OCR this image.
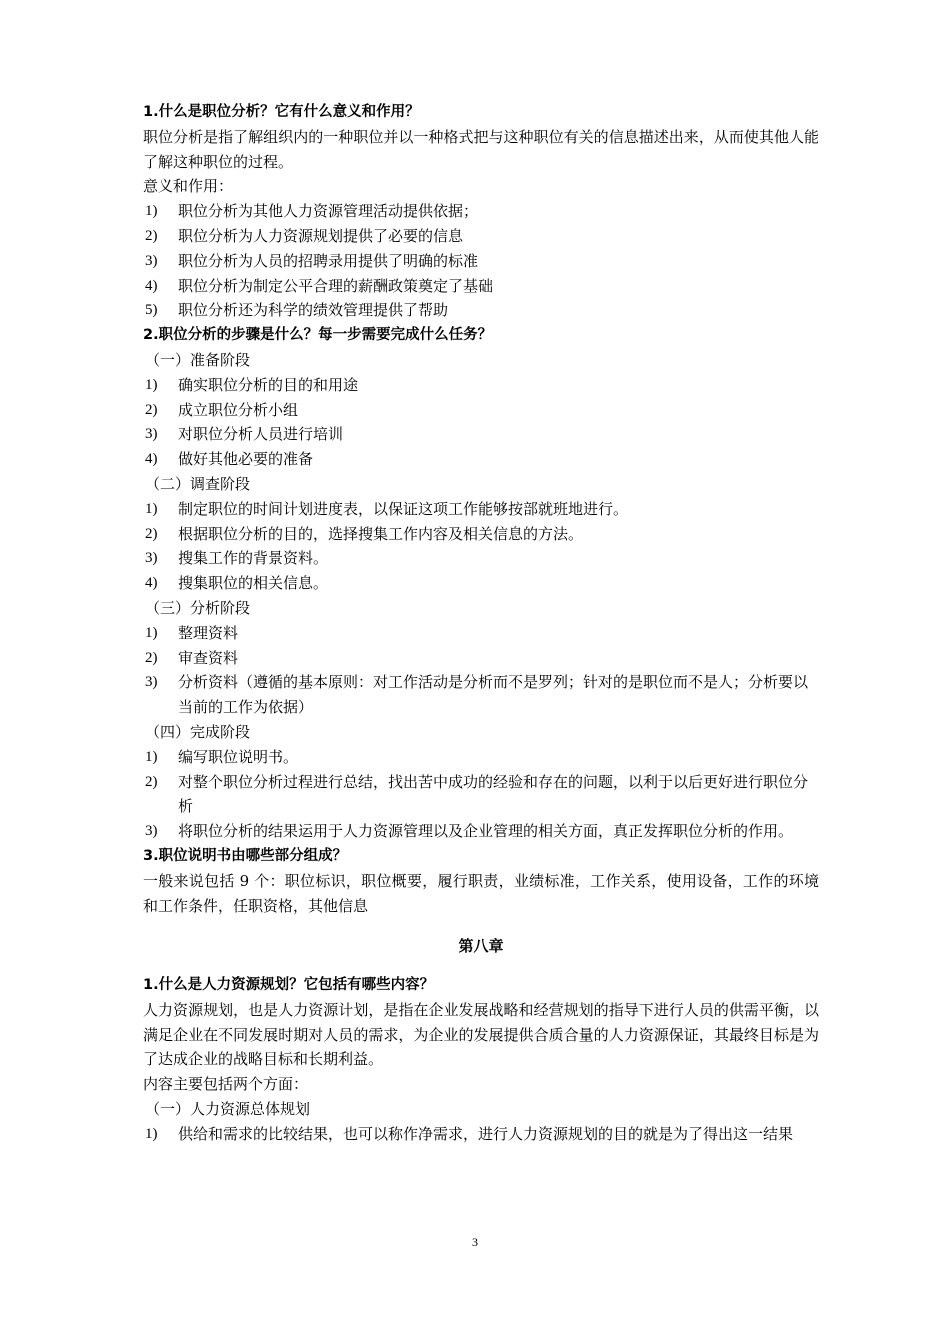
1.什么是职位分析？它有什么意义和作用？
职位分析是指了解组织内的一种职位并以一种格式把与这种职位有关的信息描述出来，从而使其他人能了解这种职位的过程。
意义和作用：
1) 职位分析为其他人力资源管理活动提供依据；
2) 职位分析为人力资源规划提供了必要的信息
3) 职位分析为人员的招聘录用提供了明确的标准
4) 职位分析为制定公平合理的薪酬政策奠定了基础
5) 职位分析还为科学的绩效管理提供了帮助
2.职位分析的步骤是什么？每一步需要完成什么任务？
（一）准备阶段
1) 确实职位分析的目的和用途
2) 成立职位分析小组
3) 对职位分析人员进行培训
4) 做好其他必要的准备
（二）调查阶段
1) 制定职位的时间计划进度表，以保证这项工作能够按部就班地进行。
2) 根据职位分析的目的，选择搜集工作内容及相关信息的方法。
3) 搜集工作的背景资料。
4) 搜集职位的相关信息。
（三）分析阶段
1) 整理资料
2) 审查资料
3) 分析资料（遵循的基本原则：对工作活动是分析而不是罗列；针对的是职位而不是人；分析要以当前的工作为依据）
（四）完成阶段
1) 编写职位说明书。
2) 对整个职位分析过程进行总结，找出苦中成功的经验和存在的问题，以利于以后更好进行职位分析
3) 将职位分析的结果运用于人力资源管理以及企业管理的相关方面，真正发挥职位分析的作用。
3.职位说明书由哪些部分组成？
一般来说包括 9 个：职位标识，职位概要，履行职责，业绩标准，工作关系，使用设备，工作的环境和工作条件，任职资格，其他信息
第八章
1.什么是人力资源规划？它包括有哪些内容？
人力资源规划，也是人力资源计划，是指在企业发展战略和经营规划的指导下进行人员的供需平衡，以满足企业在不同发展时期对人员的需求，为企业的发展提供合质合量的人力资源保证，其最终目标是为了达成企业的战略目标和长期利益。
内容主要包括两个方面：
（一）人力资源总体规划
1) 供给和需求的比较结果，也可以称作净需求，进行人力资源规划的目的就是为了得出这一结果
3
